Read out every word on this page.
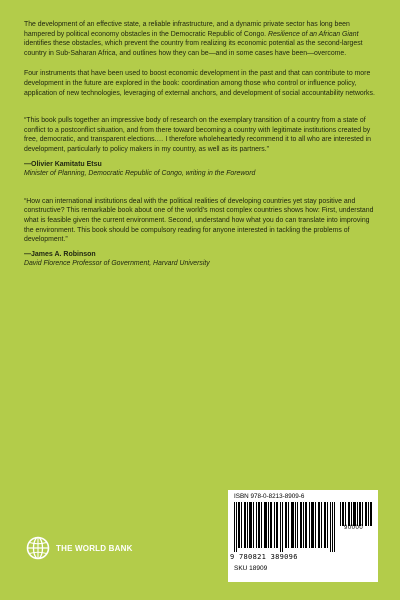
The development of an effective state, a reliable infrastructure, and a dynamic private sector has long been hampered by political economy obstacles in the Democratic Republic of Congo. Resilience of an African Giant identifies these obstacles, which prevent the country from realizing its economic potential as the second-largest country in Sub-Saharan Africa, and outlines how they can be—and in some cases have been—overcome.

Four instruments that have been used to boost economic development in the past and that can contribute to more development in the future are explored in the book: coordination among those who control or influence policy, application of new technologies, leveraging of external anchors, and development of social accountability networks.

“This book pulls together an impressive body of research on the exemplary transition of a country from a state of conflict to a postconflict situation, and from there toward becoming a country with legitimate institutions created by free, democratic, and transparent elections.… I therefore wholeheartedly recommend it to all who are interested in development, particularly to policy makers in my country, as well as its partners.”

—Olivier Kamitatu Etsu

Minister of Planning, Democratic Republic of Congo, writing in the Foreword

“How can international institutions deal with the political realities of developing countries yet stay positive and constructive? This remarkable book about one of the world’s most complex countries shows how: First, understand what is feasible given the current environment. Second, understand how what you do can translate into improving the environment. This book should be compulsory reading for anyone interested in tackling the problems of development.”

—James A. Robinson

David Florence Professor of Government, Harvard University

THE WORLD BANK
ISBN 978-0-8213-8909-6
9 780821 389096
90000
SKU 18909
